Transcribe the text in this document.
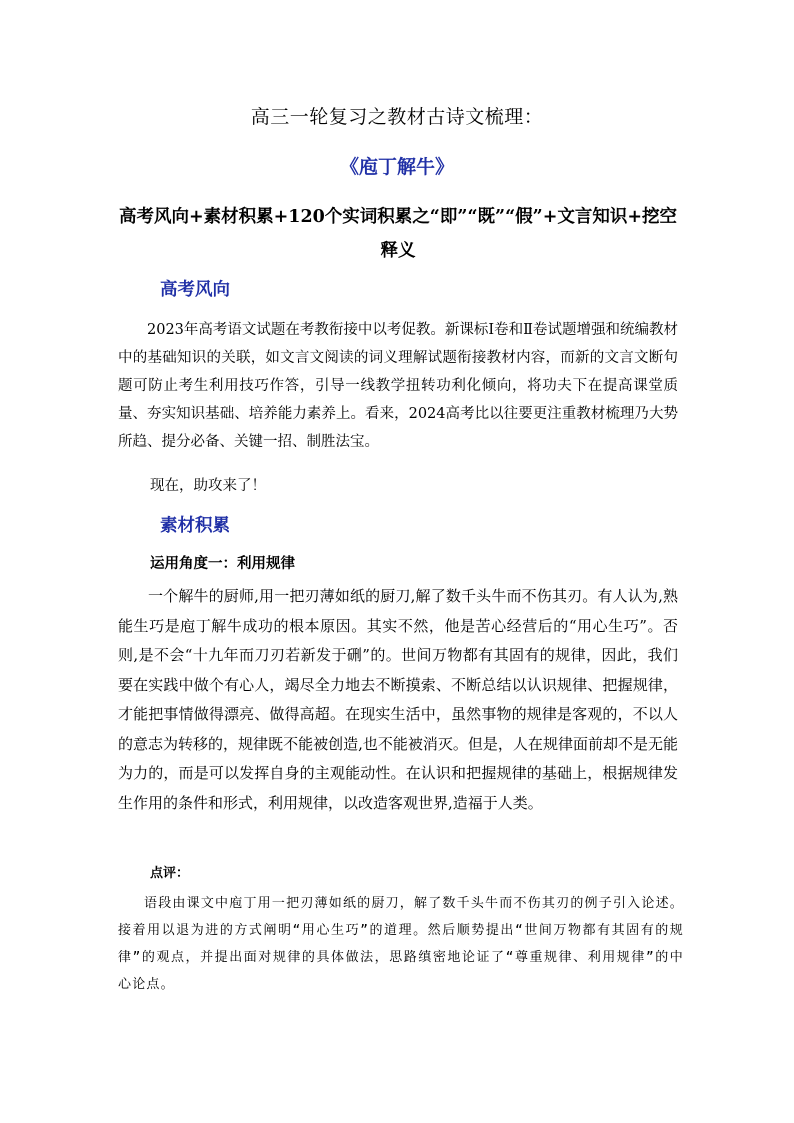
高三一轮复习之教材古诗文梳理：
《庖丁解牛》
高考风向+素材积累+120个实词积累之“即”“既”“假”+文言知识+挖空释义
高考风向
2023年高考语文试题在考教衔接中以考促教。新课标Ⅰ卷和Ⅱ卷试题增强和统编教材中的基础知识的关联，如文言文阅读的词义理解试题衔接教材内容，而新的文言文断句题可防止考生利用技巧作答，引导一线教学扭转功利化倾向，将功夫下在提高课堂质量、夯实知识基础、培养能力素养上。看来，2024高考比以往要更注重教材梳理乃大势所趋、提分必备、关键一招、制胜法宝。
现在，助攻来了！
素材积累
运用角度一：利用规律
一个解牛的厨师,用一把刃薄如纸的厨刀,解了数千头牛而不伤其刃。有人认为,熟能生巧是庖丁解牛成功的根本原因。其实不然，他是苦心经营后的“用心生巧”。否则,是不会“十九年而刀刃若新发于硎”的。世间万物都有其固有的规律，因此，我们要在实践中做个有心人，竭尽全力地去不断摸索、不断总结以认识规律、把握规律，才能把事情做得漂亮、做得高超。在现实生活中，虽然事物的规律是客观的，不以人的意志为转移的，规律既不能被创造,也不能被消灭。但是，人在规律面前却不是无能为力的，而是可以发挥自身的主观能动性。在认识和把握规律的基础上，根据规律发生作用的条件和形式，利用规律，以改造客观世界,造福于人类。
点评：
语段由课文中庖丁用一把刃薄如纸的厨刀，解了数千头牛而不伤其刃的例子引入论述。接着用以退为进的方式阐明“用心生巧”的道理。然后顺势提出“世间万物都有其固有的规律”的观点，并提出面对规律的具体做法，思路缜密地论证了“尊重规律、利用规律”的中心论点。
